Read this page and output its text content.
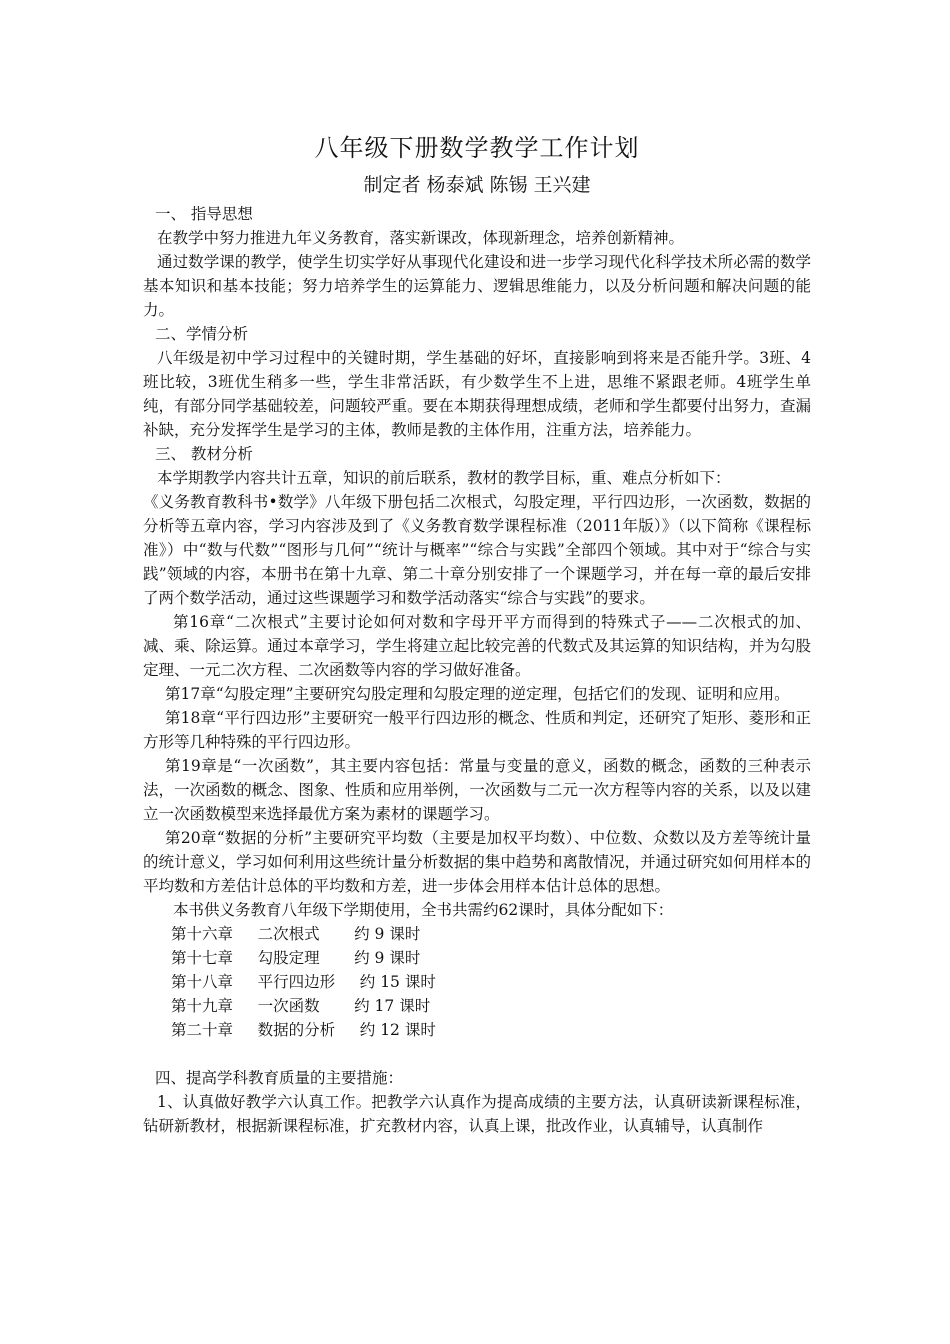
八年级下册数学教学工作计划
制定者 杨泰斌 陈锡 王兴建

一、 指导思想

在教学中努力推进九年义务教育，落实新课改，体现新理念，培养创新精神。

通过数学课的教学，使学生切实学好从事现代化建设和进一步学习现代化科学技术所必需的数学基本知识和基本技能；努力培养学生的运算能力、逻辑思维能力，以及分析问题和解决问题的能力。

二、学情分析

八年级是初中学习过程中的关键时期，学生基础的好坏，直接影响到将来是否能升学。3班、4班比较，3班优生稍多一些，学生非常活跃，有少数学生不上进，思维不紧跟老师。4班学生单纯，有部分同学基础较差，问题较严重。要在本期获得理想成绩，老师和学生都要付出努力，查漏补缺，充分发挥学生是学习的主体，教师是教的主体作用，注重方法，培养能力。

三、 教材分析

本学期教学内容共计五章，知识的前后联系，教材的教学目标，重、难点分析如下：

《义务教育教科书•数学》八年级下册包括二次根式，勾股定理，平行四边形，一次函数，数据的分析等五章内容，学习内容涉及到了《义务教育数学课程标准（2011年版）》（以下简称《课程标准》）中“数与代数”“图形与几何”“统计与概率”“综合与实践”全部四个领域。其中对于“综合与实践”领域的内容，本册书在第十九章、第二十章分别安排了一个课题学习，并在每一章的最后安排了两个数学活动，通过这些课题学习和数学活动落实“综合与实践”的要求。

第16章“二次根式”主要讨论如何对数和字母开平方而得到的特殊式子——二次根式的加、减、乘、除运算。通过本章学习，学生将建立起比较完善的代数式及其运算的知识结构，并为勾股定理、一元二次方程、二次函数等内容的学习做好准备。

第17章“勾股定理”主要研究勾股定理和勾股定理的逆定理，包括它们的发现、证明和应用。

第18章“平行四边形”主要研究一般平行四边形的概念、性质和判定，还研究了矩形、菱形和正方形等几种特殊的平行四边形。

第19章是“一次函数”，其主要内容包括：常量与变量的意义，函数的概念，函数的三种表示法，一次函数的概念、图象、性质和应用举例，一次函数与二元一次方程等内容的关系，以及以建立一次函数模型来选择最优方案为素材的课题学习。

第20章“数据的分析”主要研究平均数（主要是加权平均数）、中位数、众数以及方差等统计量的统计意义，学习如何利用这些统计量分析数据的集中趋势和离散情况，并通过研究如何用样本的平均数和方差估计总体的平均数和方差，进一步体会用样本估计总体的思想。

本书供义务教育八年级下学期使用，全书共需约62课时，具体分配如下：

第十六章     二次根式       约 9 课时
第十七章     勾股定理       约 9 课时
第十八章     平行四边形     约 15 课时
第十九章     一次函数       约 17 课时
第二十章     数据的分析     约 12 课时

四、提高学科教育质量的主要措施：

1、认真做好教学六认真工作。把教学六认真作为提高成绩的主要方法，认真研读新课程标准，钻研新教材，根据新课程标准，扩充教材内容，认真上课，批改作业，认真辅导，认真制作
